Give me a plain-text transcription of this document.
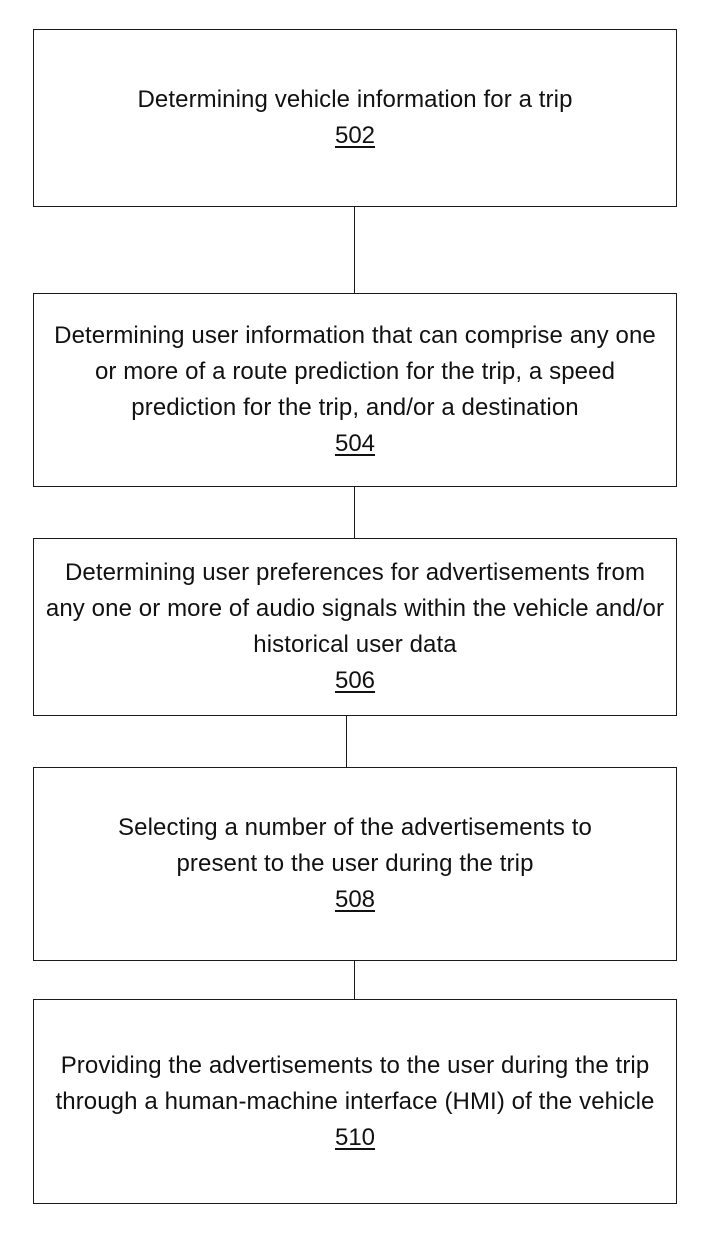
Determining vehicle information for a trip
502
Determining user information that can comprise any one or more of a route prediction for the trip, a speed prediction for the trip, and/or a destination
504
Determining user preferences for advertisements from any one or more of audio signals within the vehicle and/or historical user data
506
Selecting a number of the advertisements to present to the user during the trip
508
Providing the advertisements to the user during the trip through a human-machine interface (HMI) of the vehicle
510
